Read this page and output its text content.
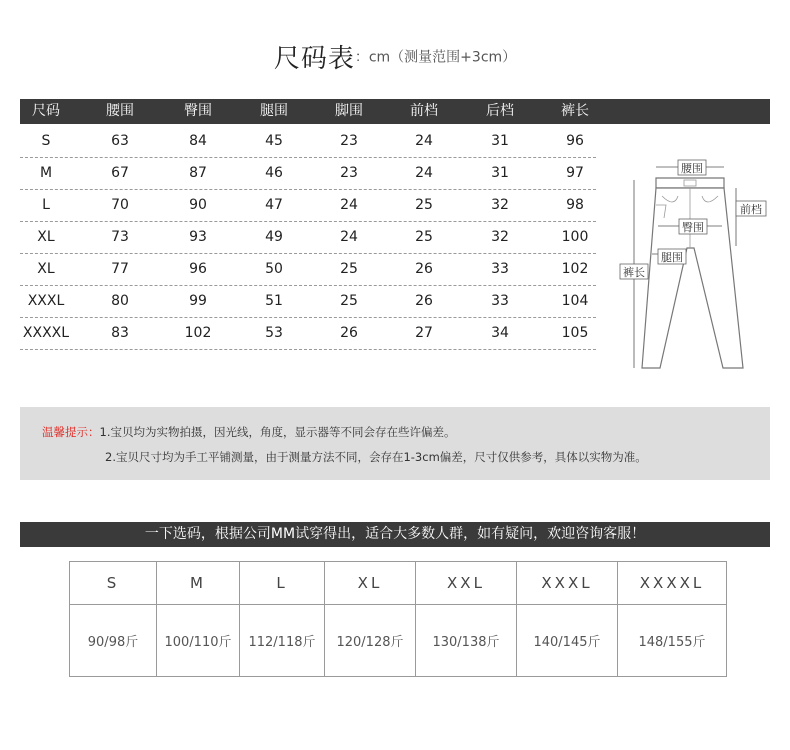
尺码表：cm（测量范围+3cm）
尺码	腰围	臀围	腿围	脚围	前档	后档	裤长
S	63	84	45	23	24	31	96
M	67	87	46	23	24	31	97
L	70	90	47	24	25	32	98
XL	73	93	49	24	25	32	100
XL	77	96	50	25	26	33	102
XXXL	80	99	51	25	26	33	104
XXXXL	83	102	53	26	27	34	105
腰围
前档
臀围
腿围
裤长
温馨提示：1.宝贝均为实物拍摄，因光线，角度，显示器等不同会存在些许偏差。
2.宝贝尺寸均为手工平铺测量，由于测量方法不同，会存在1-3cm偏差，尺寸仅供参考，具体以实物为准。
一下选码，根据公司MM试穿得出，适合大多数人群，如有疑问，欢迎咨询客服！
S	M	L	XL	XXL	XXXL	XXXXL
90/98斤	100/110斤	112/118斤	120/128斤	130/138斤	140/145斤	148/155斤
